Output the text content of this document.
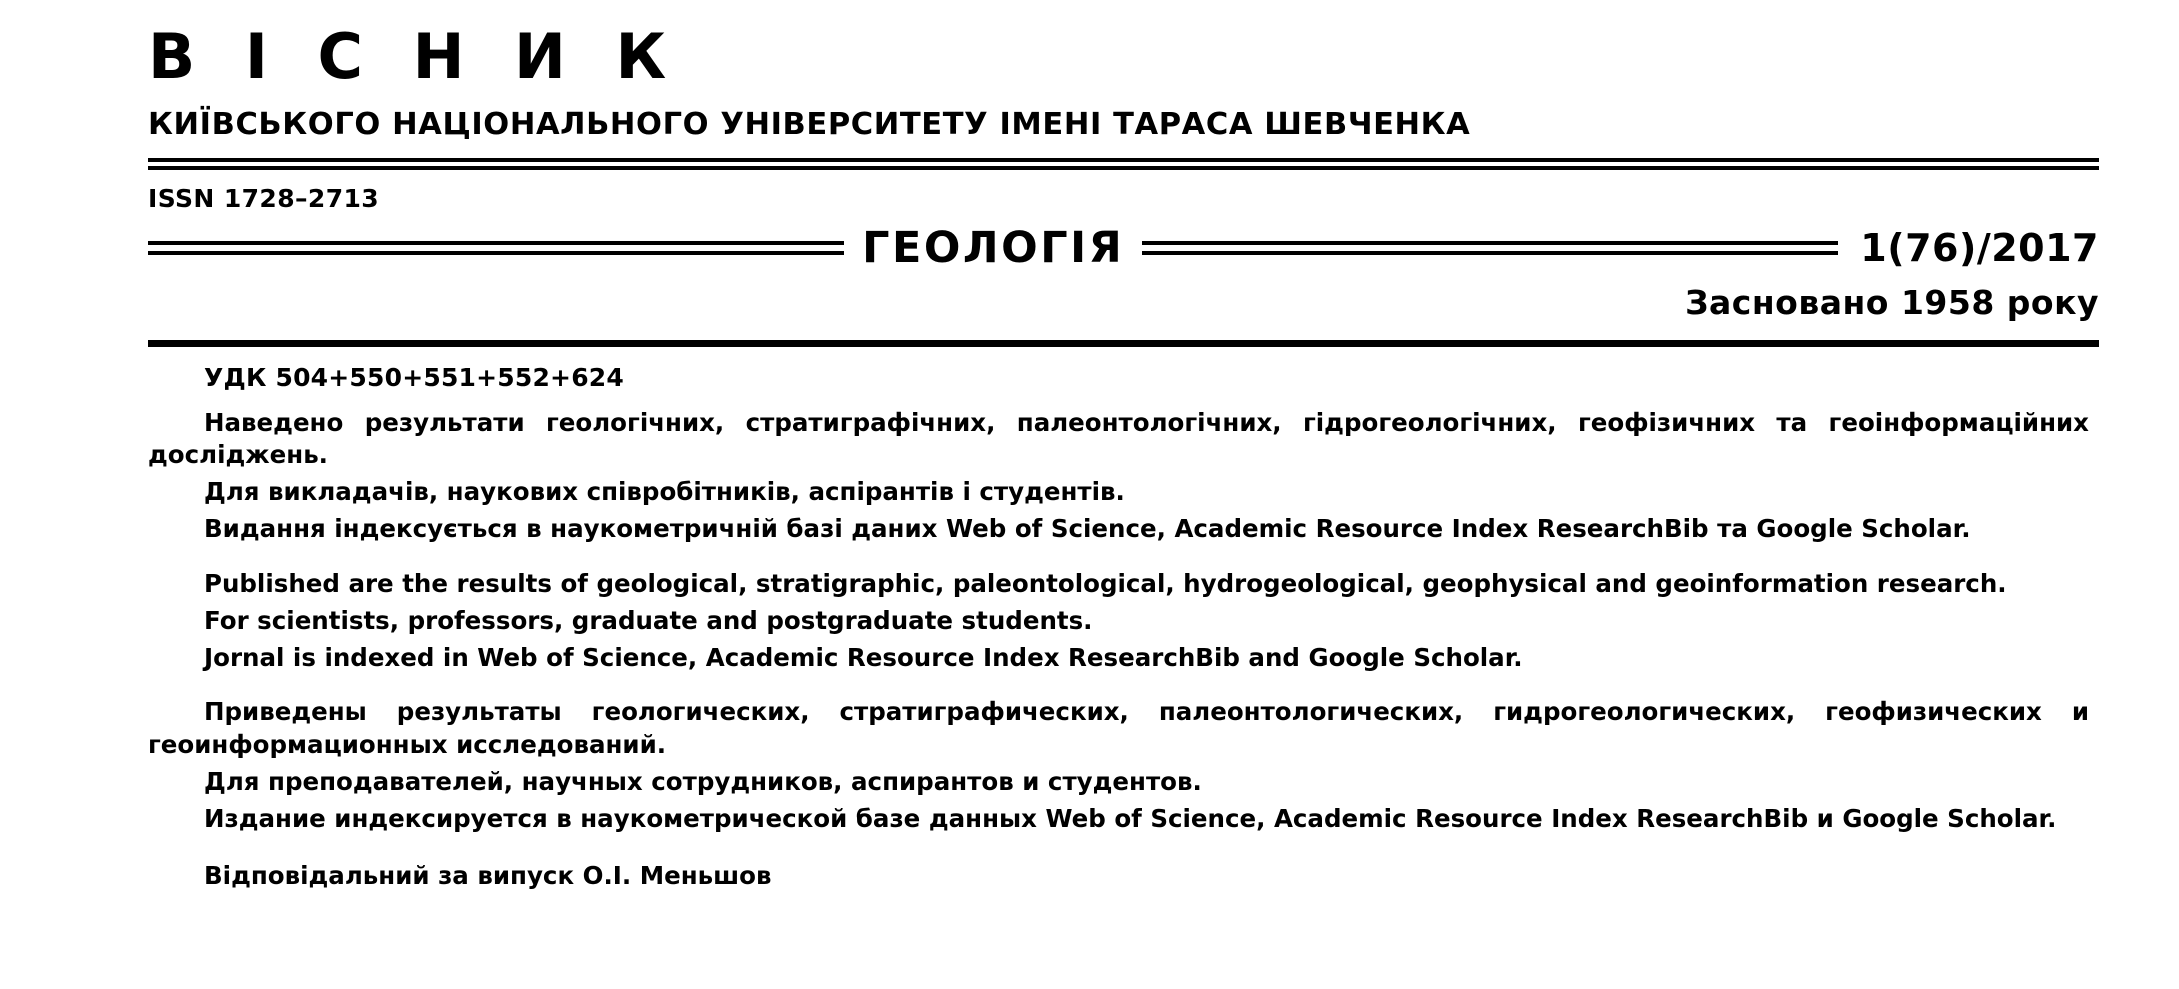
В І С Н И К
КИЇВСЬКОГО НАЦІОНАЛЬНОГО УНІВЕРСИТЕТУ ІМЕНІ ТАРАСА ШЕВЧЕНКА
ISSN 1728–2713
ГЕОЛОГІЯ	1(76)/2017
Засновано 1958 року
УДК 504+550+551+552+624

Наведено результати геологічних, стратиграфічних, палеонтологічних, гідрогеологічних, геофізичних та геоінформаційних досліджень.

Для викладачів, наукових співробітників, аспірантів і студентів.

Видання індексується в наукометричній базі даних Web of Science, Academic Resource Index ResearchBib та Google Scholar.

Published are the results of geological, stratigraphic, paleontological, hydrogeological, geophysical and geoinformation research.

For scientists, professors, graduate and postgraduate students.

Jornal is indexed in Web of Science, Academic Resource Index ResearchBib and Google Scholar.

Приведены результаты геологических, стратиграфических, палеонтологических, гидрогеологических, геофизических и геоинформационных исследований.

Для преподавателей, научных сотрудников, аспирантов и студентов.

Издание индексируется в наукометрической базе данных Web of Science, Academic Resource Index ResearchBib и Google Scholar.

Відповідальний за випуск О.І. Меньшов
